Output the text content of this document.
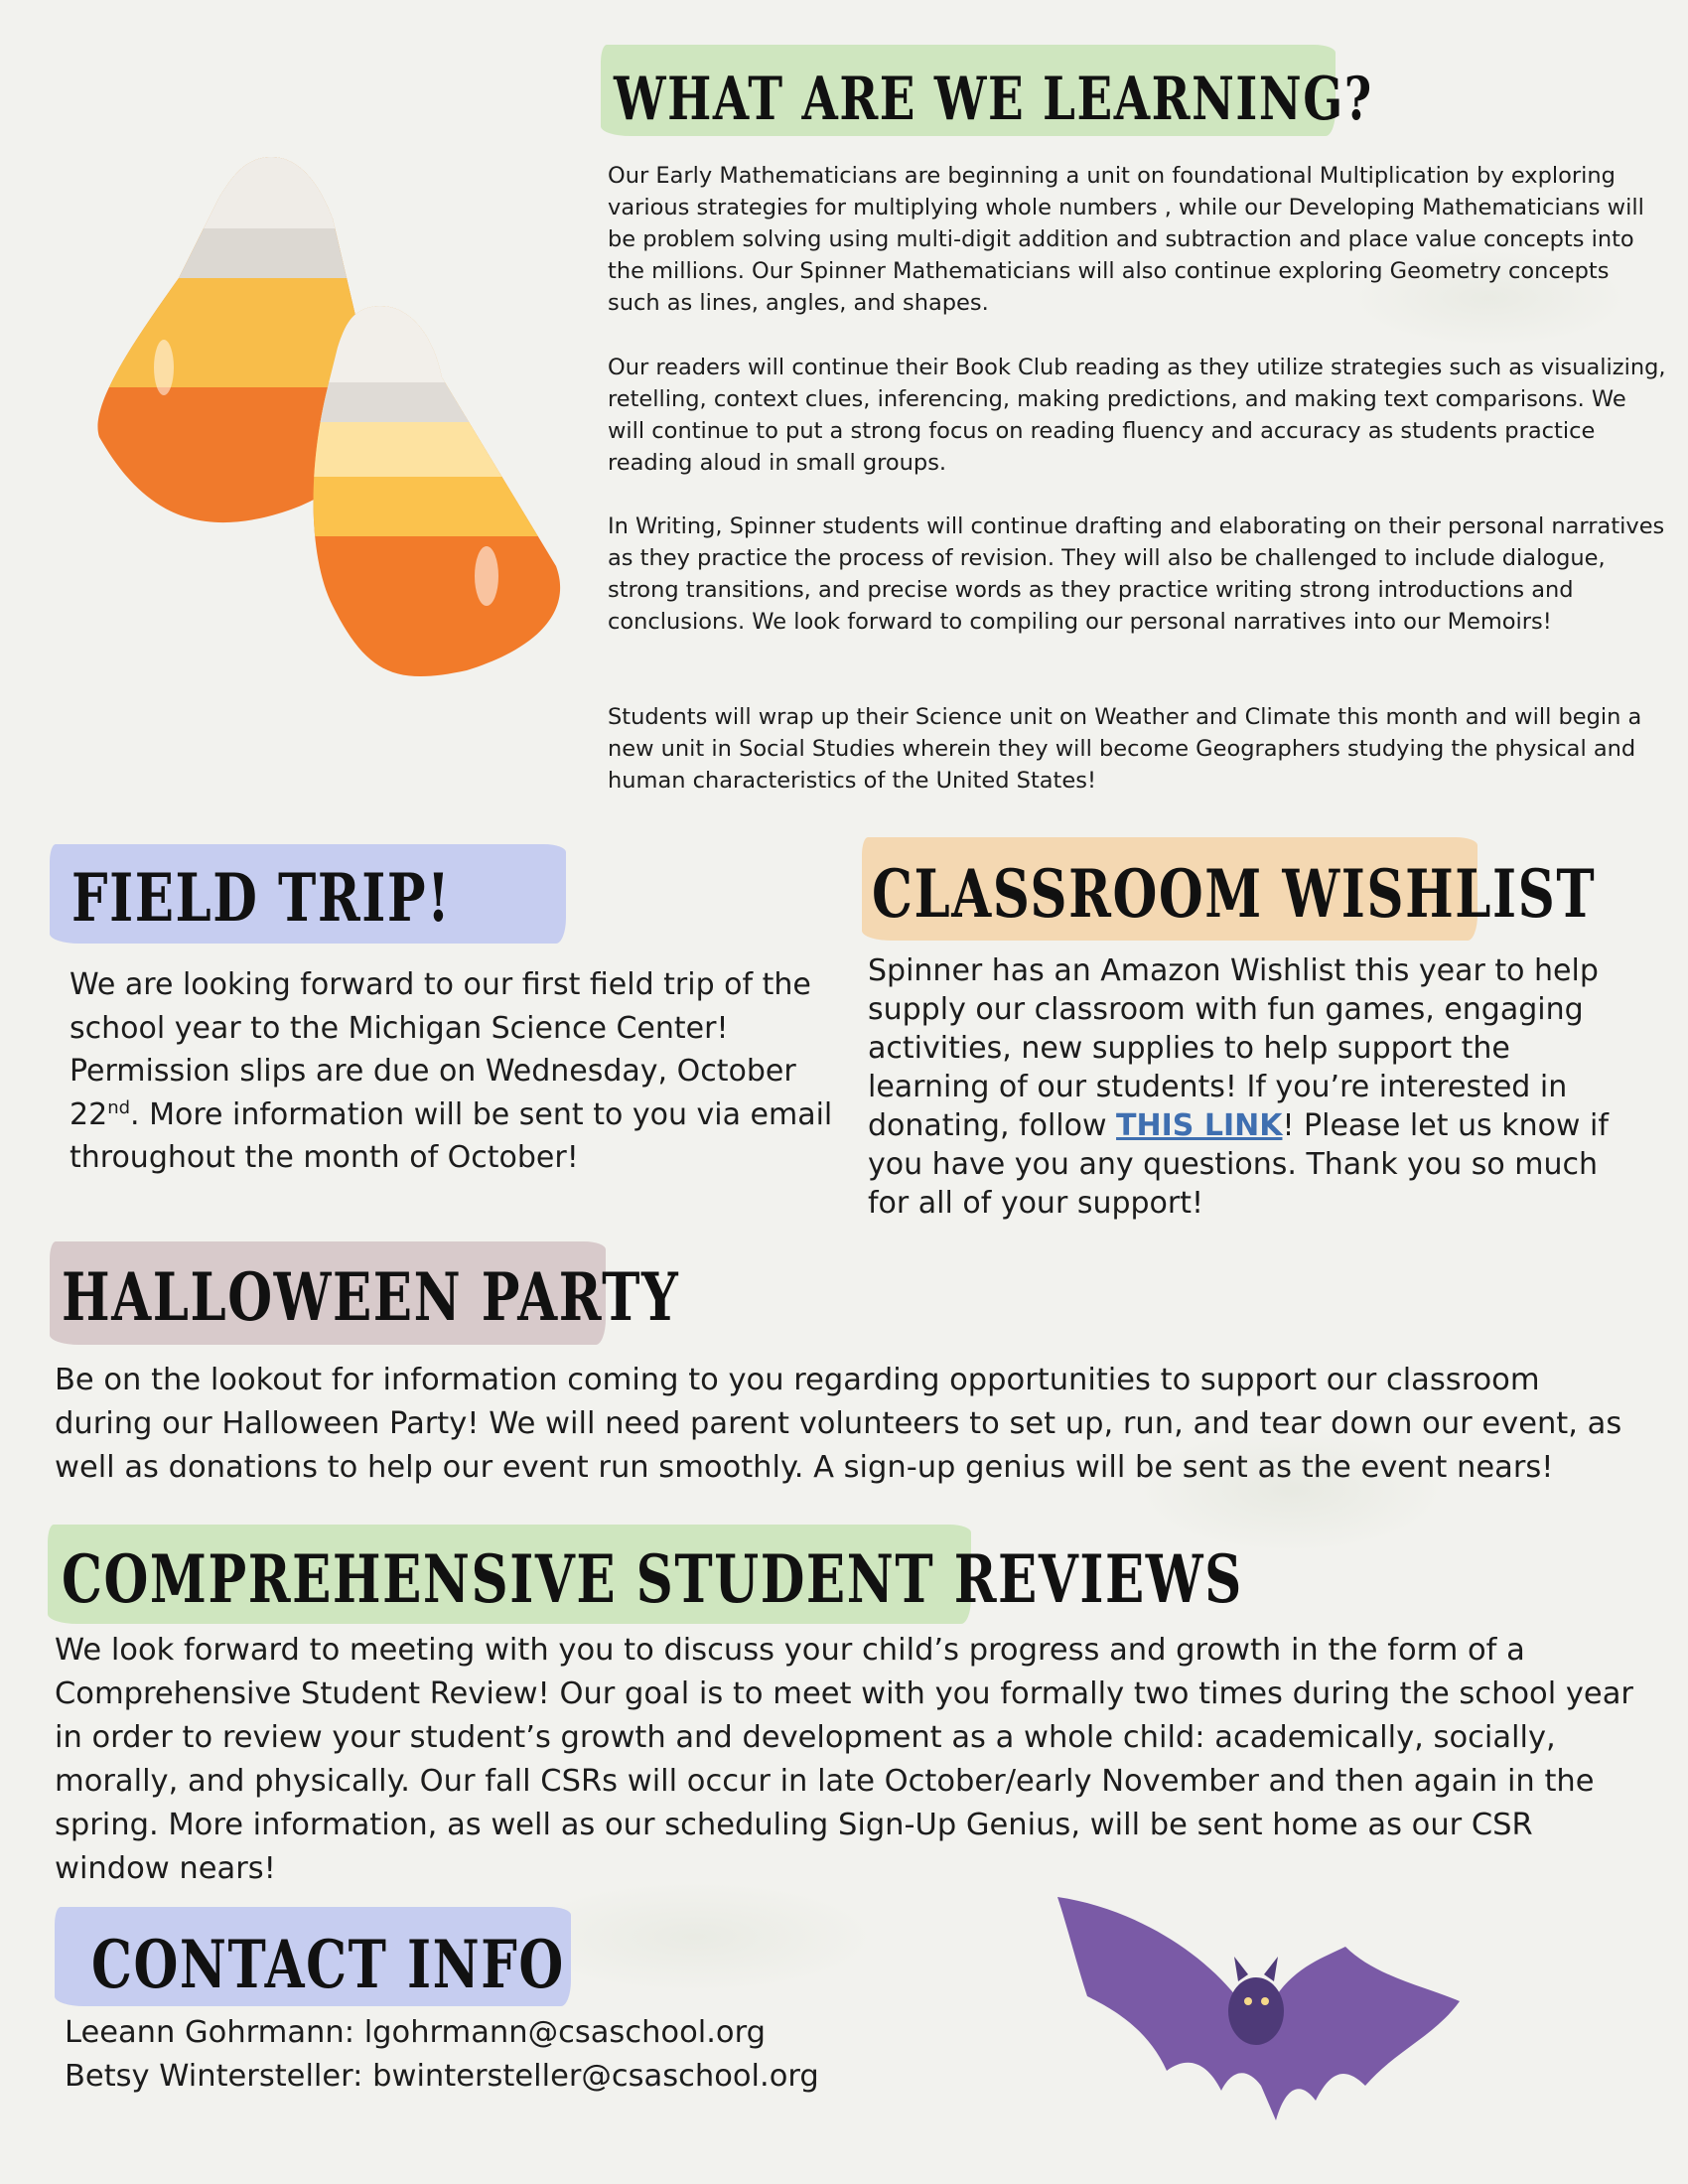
WHAT ARE WE LEARNING?

Our Early Mathematicians are beginning a unit on foundational Multiplication by exploring various strategies for multiplying whole numbers , while our Developing Mathematicians will be problem solving using multi-digit addition and subtraction and place value concepts into the millions. Our Spinner Mathematicians will also continue exploring Geometry concepts such as lines, angles, and shapes.

Our readers will continue their Book Club reading as they utilize strategies such as visualizing, retelling, context clues, inferencing, making predictions, and making text comparisons. We will continue to put a strong focus on reading fluency and accuracy as students practice reading aloud in small groups.

In Writing, Spinner students will continue drafting and elaborating on their personal narratives as they practice the process of revision. They will also be challenged to include dialogue, strong transitions, and precise words as they practice writing strong introductions and conclusions. We look forward to compiling our personal narratives into our Memoirs!

Students will wrap up their Science unit on Weather and Climate this month and will begin a new unit in Social Studies wherein they will become Geographers studying the physical and human characteristics of the United States!

FIELD TRIP!

We are looking forward to our first field trip of the school year to the Michigan Science Center! Permission slips are due on Wednesday, October 22nd. More information will be sent to you via email throughout the month of October!

CLASSROOM WISHLIST

Spinner has an Amazon Wishlist this year to help supply our classroom with fun games, engaging activities, new supplies to help support the learning of our students! If you’re interested in donating, follow THIS LINK! Please let us know if you have you any questions. Thank you so much for all of your support!

HALLOWEEN PARTY

Be on the lookout for information coming to you regarding opportunities to support our classroom during our Halloween Party! We will need parent volunteers to set up, run, and tear down our event, as well as donations to help our event run smoothly. A sign-up genius will be sent as the event nears!

COMPREHENSIVE STUDENT REVIEWS

We look forward to meeting with you to discuss your child’s progress and growth in the form of a Comprehensive Student Review! Our goal is to meet with you formally two times during the school year in order to review your student’s growth and development as a whole child: academically, socially, morally, and physically. Our fall CSRs will occur in late October/early November and then again in the spring. More information, as well as our scheduling Sign-Up Genius, will be sent home as our CSR window nears!

CONTACT INFO

Leeann Gohrmann: lgohrmann@csaschool.org

Betsy Wintersteller: bwintersteller@csaschool.org
